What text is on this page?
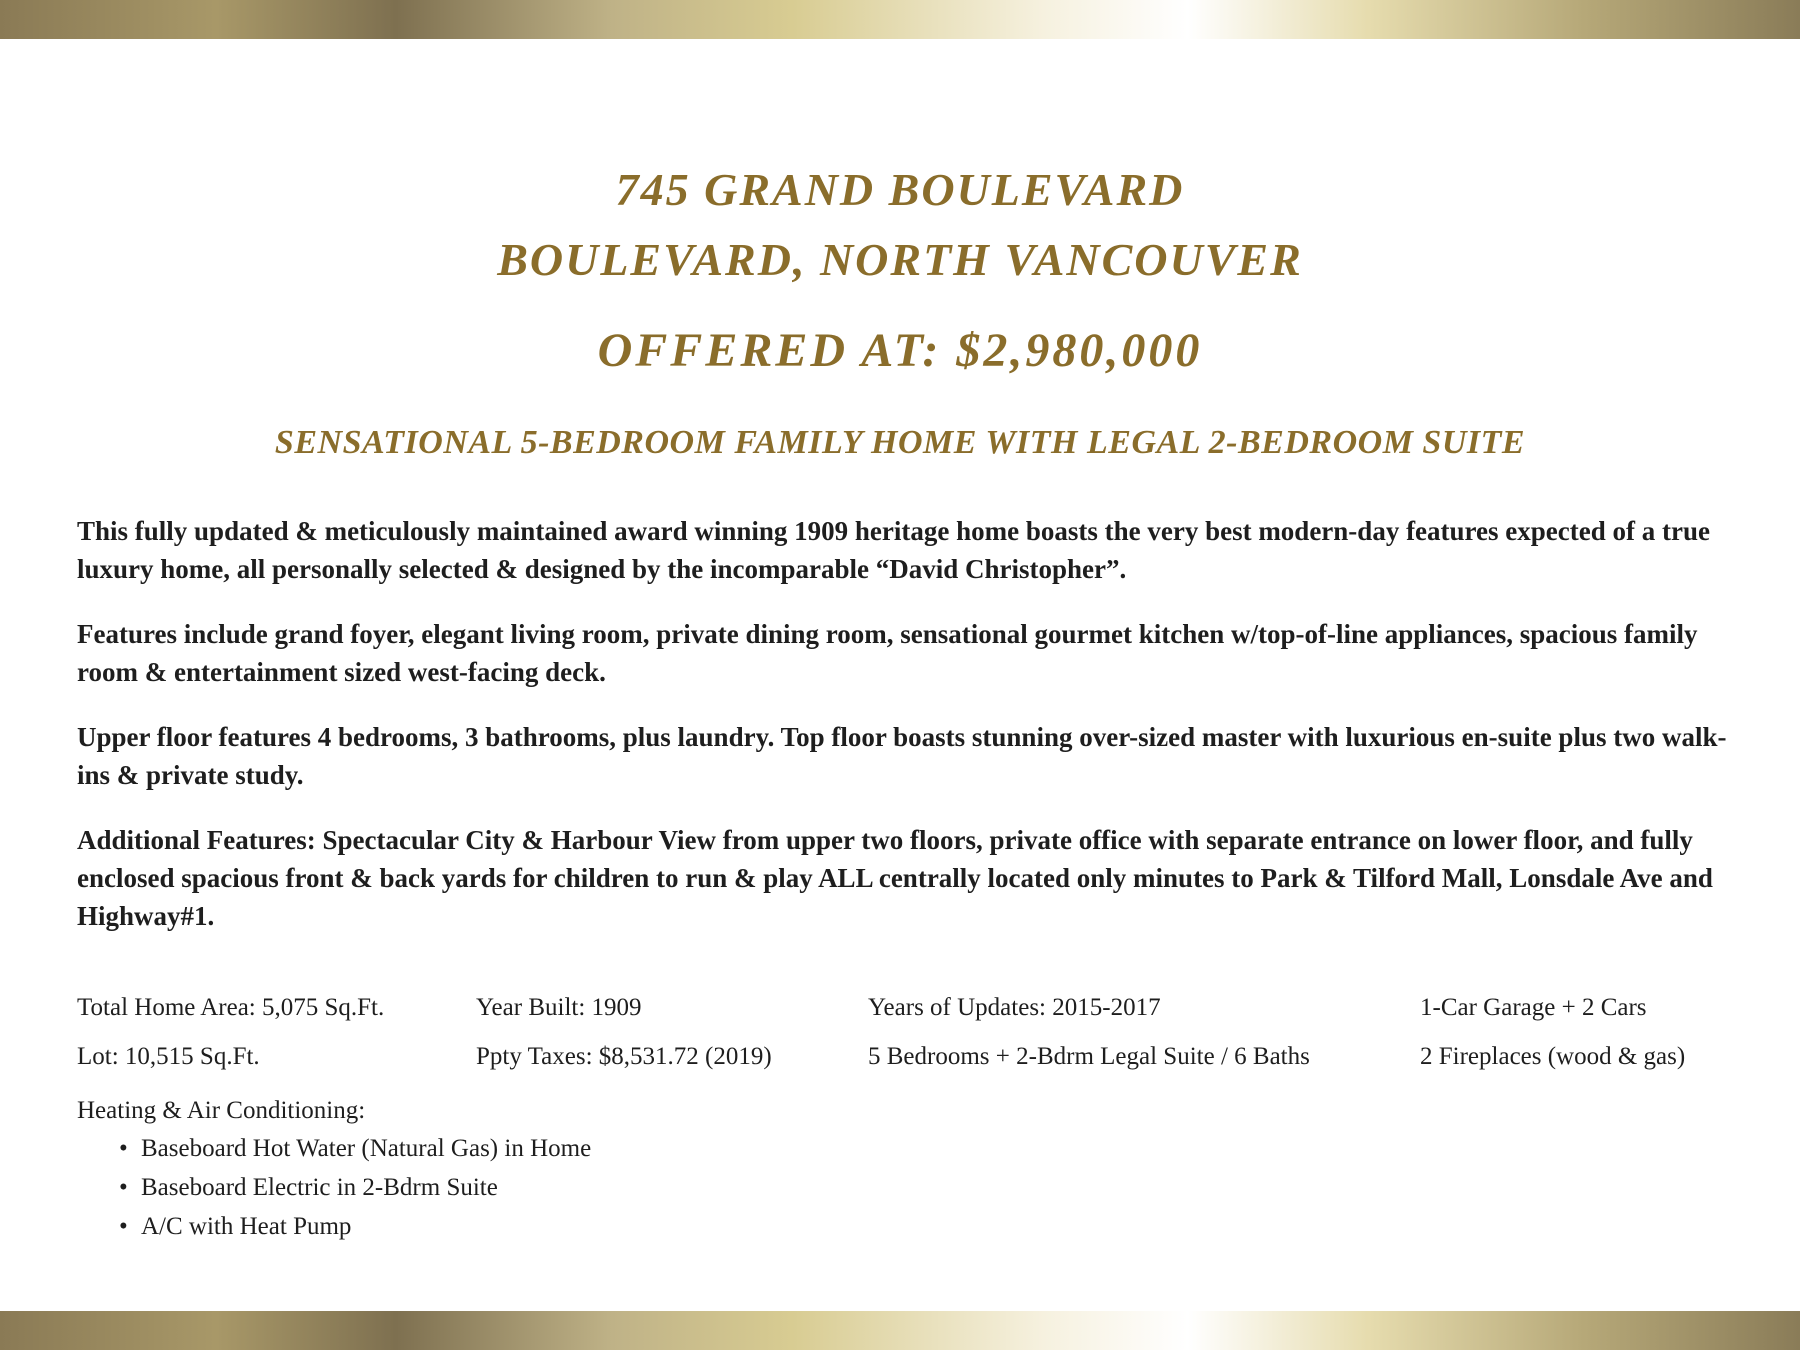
745 GRAND BOULEVARD
BOULEVARD, NORTH VANCOUVER
OFFERED AT: $2,980,000
SENSATIONAL 5-BEDROOM FAMILY HOME WITH LEGAL 2-BEDROOM SUITE

This fully updated & meticulously maintained award winning 1909 heritage home boasts the very best modern-day features expected of a true luxury home, all personally selected & designed by the incomparable “David Christopher”.

Features include grand foyer, elegant living room, private dining room, sensational gourmet kitchen w/top-of-line appliances, spacious family room & entertainment sized west-facing deck.

Upper floor features 4 bedrooms, 3 bathrooms, plus laundry. Top floor boasts stunning over-sized master with luxurious en-suite plus two walk-ins & private study.

Additional Features: Spectacular City & Harbour View from upper two floors, private office with separate entrance on lower floor, and fully enclosed spacious front & back yards for children to run & play ALL centrally located only minutes to Park & Tilford Mall, Lonsdale Ave and Highway#1.

Total Home Area: 5,075 Sq.Ft.	Year Built: 1909	Years of Updates: 2015-2017	1-Car Garage + 2 Cars
Lot: 10,515 Sq.Ft.	Ppty Taxes: $8,531.72 (2019)	5 Bedrooms + 2-Bdrm Legal Suite / 6 Baths	2 Fireplaces (wood & gas)
Heating & Air Conditioning:
• Baseboard Hot Water (Natural Gas) in Home
• Baseboard Electric in 2-Bdrm Suite
• A/C with Heat Pump
